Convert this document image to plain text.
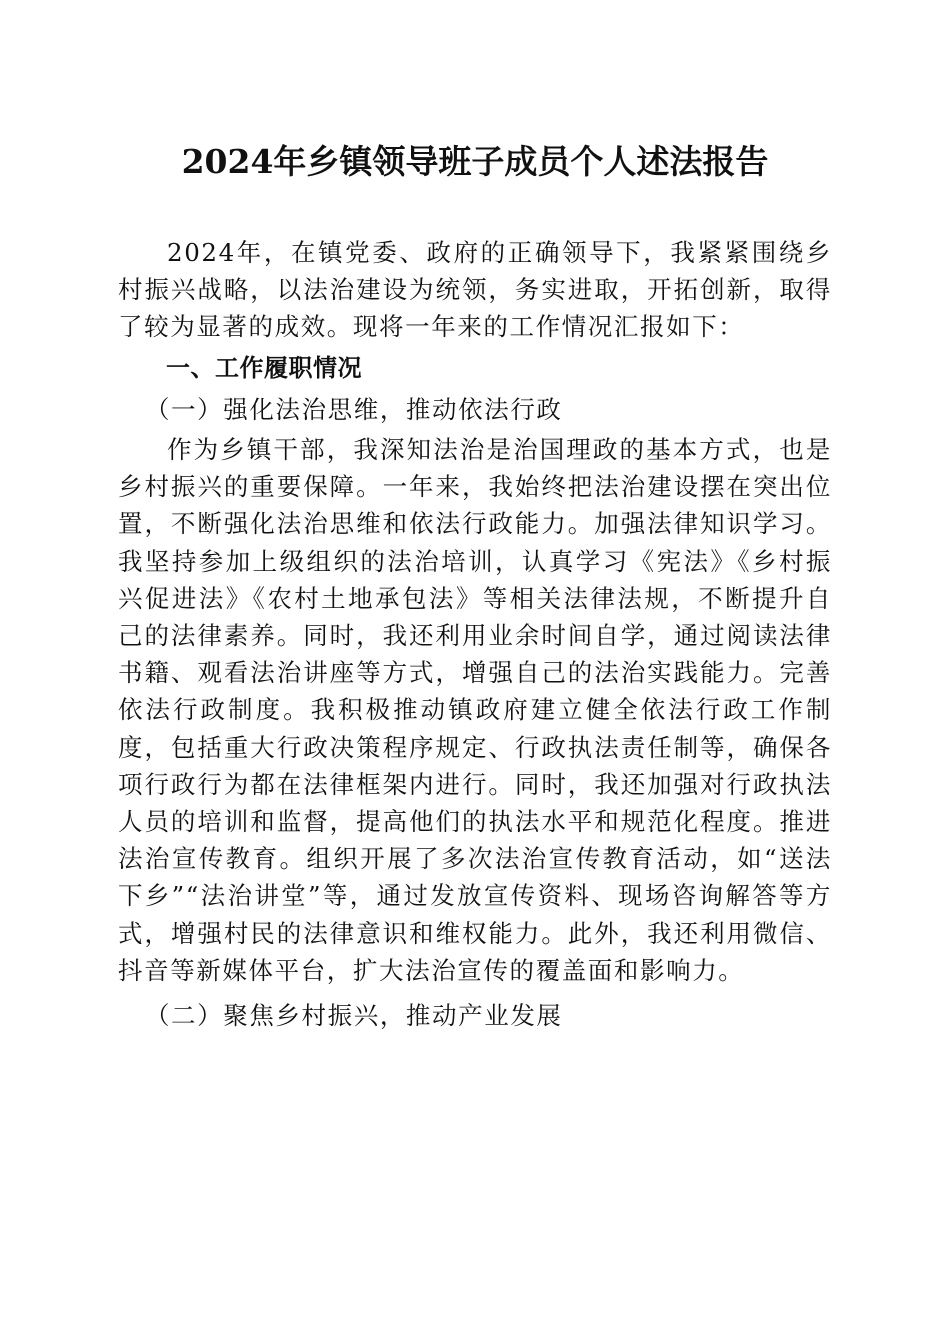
2024年乡镇领导班子成员个人述法报告

2024年，在镇党委、政府的正确领导下，我紧紧围绕乡村振兴战略，以法治建设为统领，务实进取，开拓创新，取得了较为显著的成效。现将一年来的工作情况汇报如下：

一、工作履职情况

（一）强化法治思维，推动依法行政

作为乡镇干部，我深知法治是治国理政的基本方式，也是乡村振兴的重要保障。一年来，我始终把法治建设摆在突出位置，不断强化法治思维和依法行政能力。加强法律知识学习。我坚持参加上级组织的法治培训，认真学习《宪法》《乡村振兴促进法》《农村土地承包法》等相关法律法规，不断提升自己的法律素养。同时，我还利用业余时间自学，通过阅读法律书籍、观看法治讲座等方式，增强自己的法治实践能力。完善依法行政制度。我积极推动镇政府建立健全依法行政工作制度，包括重大行政决策程序规定、行政执法责任制等，确保各项行政行为都在法律框架内进行。同时，我还加强对行政执法人员的培训和监督，提高他们的执法水平和规范化程度。推进法治宣传教育。组织开展了多次法治宣传教育活动，如“送法下乡”“法治讲堂”等，通过发放宣传资料、现场咨询解答等方式，增强村民的法律意识和维权能力。此外，我还利用微信、抖音等新媒体平台，扩大法治宣传的覆盖面和影响力。

（二）聚焦乡村振兴，推动产业发展
